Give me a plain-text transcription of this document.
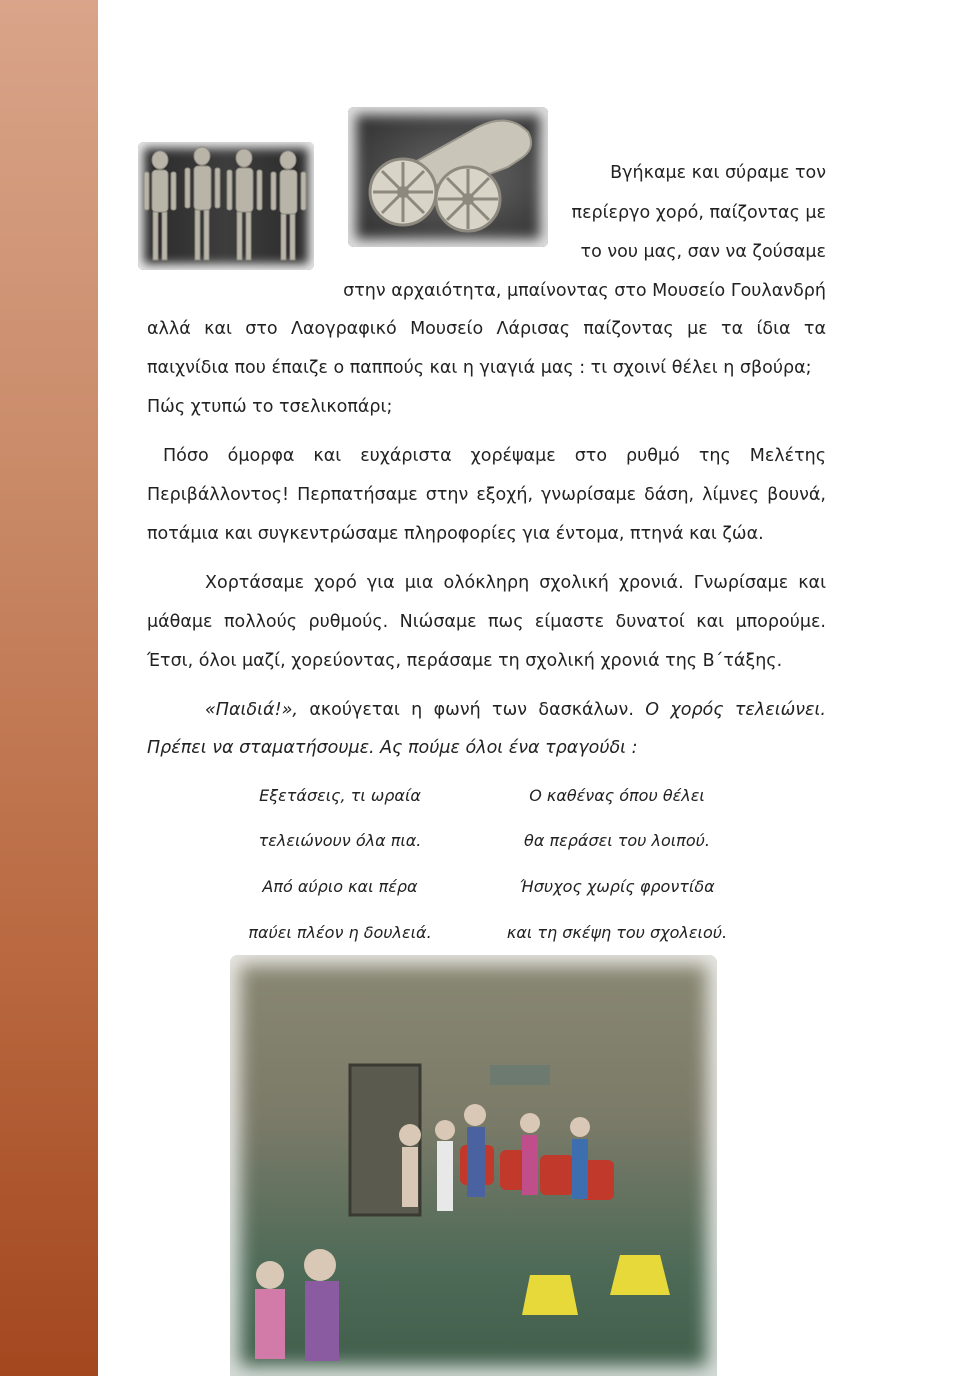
Βγήκαμε και σύραμε τον
περίεργο χορό, παίζοντας με
το νου μας, σαν να ζούσαμε
στην αρχαιότητα, μπαίνοντας στο Μουσείο Γουλανδρή
αλλά και στο Λαογραφικό Μουσείο Λάρισας παίζοντας με τα ίδια τα
παιχνίδια που έπαιζε ο παππούς και η γιαγιά μας : τι σχοινί θέλει η σβούρα;
Πώς χτυπώ το τσελικοπάρι;
Πόσο όμορφα και ευχάριστα χορέψαμε στο ρυθμό της Μελέτης
Περιβάλλοντος! Περπατήσαμε στην εξοχή, γνωρίσαμε δάση, λίμνες βουνά,
ποτάμια και συγκεντρώσαμε πληροφορίες για έντομα, πτηνά και ζώα.
Χορτάσαμε χορό για μια ολόκληρη σχολική χρονιά. Γνωρίσαμε και
μάθαμε πολλούς ρυθμούς. Νιώσαμε πως είμαστε δυνατοί και μπορούμε.
Έτσι, όλοι μαζί, χορεύοντας, περάσαμε τη σχολική χρονιά της Β΄τάξης.
«Παιδιά!», ακούγεται η φωνή των δασκάλων. Ο χορός τελειώνει.
Πρέπει να σταματήσουμε. Ας πούμε όλοι ένα τραγούδι :
Εξετάσεις, τι ωραία
τελειώνουν όλα πια.
Από αύριο και πέρα
παύει πλέον η δουλειά.
Ο καθένας όπου θέλει
θα περάσει του λοιπού.
Ήσυχος χωρίς φροντίδα
και τη σκέψη του σχολειού.
